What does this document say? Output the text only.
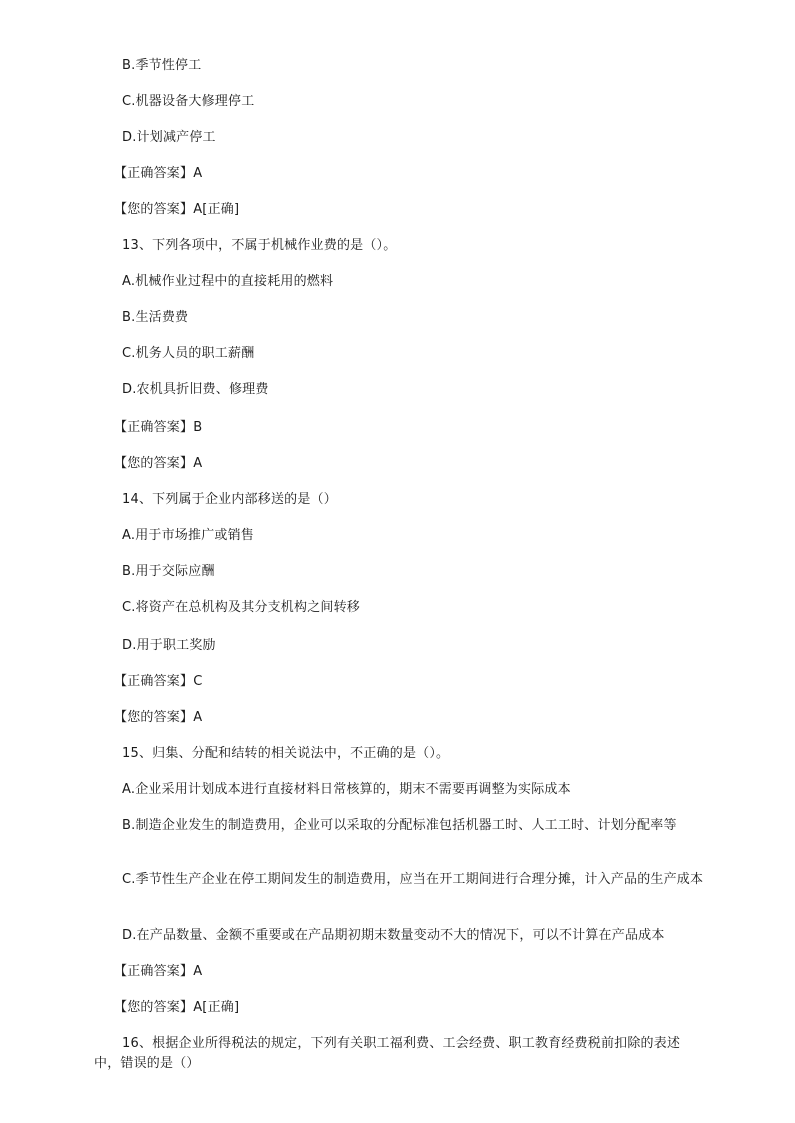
B.季节性停工
C.机器设备大修理停工
D.计划减产停工
【正确答案】A
【您的答案】A[正确]
13、下列各项中，不属于机械作业费的是（）。
A.机械作业过程中的直接耗用的燃料
B.生活费费
C.机务人员的职工薪酬
D.农机具折旧费、修理费
【正确答案】B
【您的答案】A
14、下列属于企业内部移送的是（）
A.用于市场推广或销售
B.用于交际应酬
C.将资产在总机构及其分支机构之间转移
D.用于职工奖励
【正确答案】C
【您的答案】A
15、归集、分配和结转的相关说法中，不正确的是（）。
A.企业采用计划成本进行直接材料日常核算的，期末不需要再调整为实际成本
B.制造企业发生的制造费用，企业可以采取的分配标准包括机器工时、人工工时、计划分配率等
C.季节性生产企业在停工期间发生的制造费用，应当在开工期间进行合理分摊，计入产品的生产成本
D.在产品数量、金额不重要或在产品期初期末数量变动不大的情况下，可以不计算在产品成本
【正确答案】A
【您的答案】A[正确]
16、根据企业所得税法的规定，下列有关职工福利费、工会经费、职工教育经费税前扣除的表述中，错误的是（）
